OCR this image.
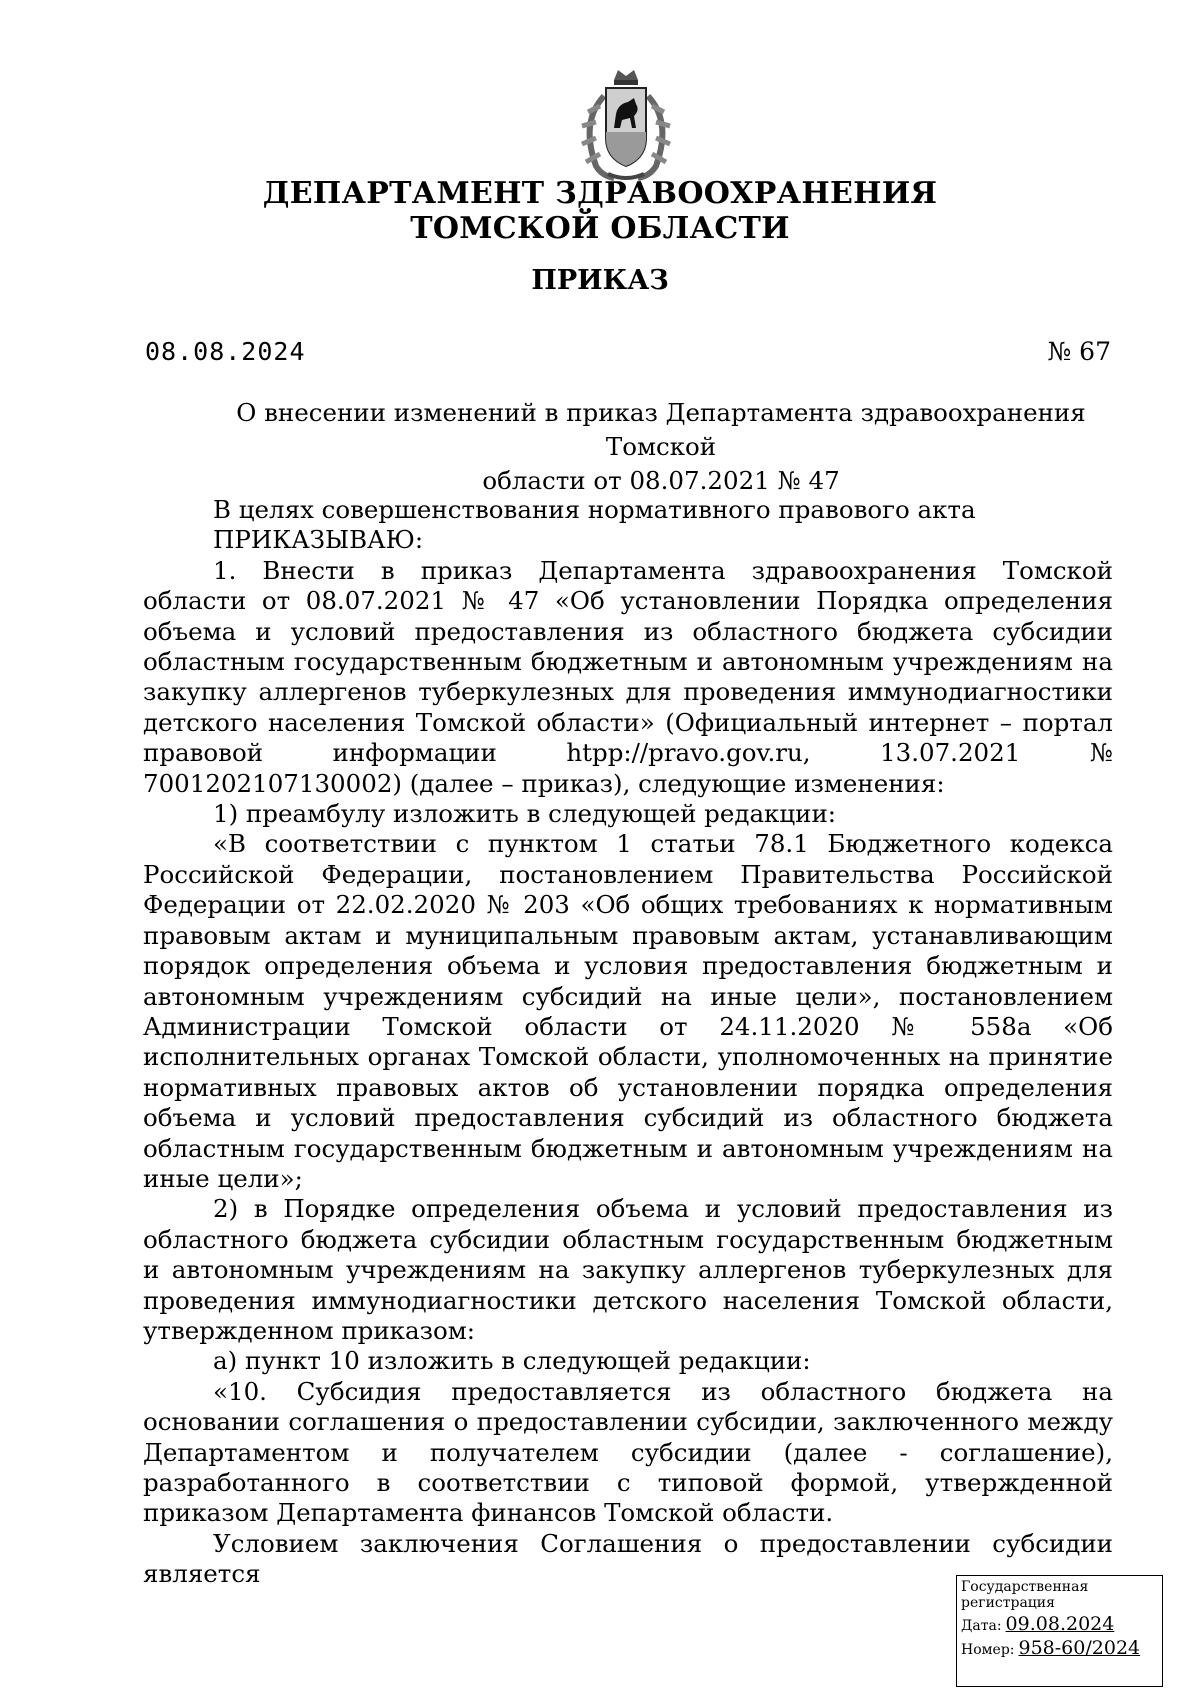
ДЕПАРТАМЕНТ ЗДРАВООХРАНЕНИЯ
ТОМСКОЙ ОБЛАСТИ
ПРИКАЗ
08.08.2024	№ 67
О внесении изменений в приказ Департамента здравоохранения Томской
области от 08.07.2021 № 47

В целях совершенствования нормативного правового акта

ПРИКАЗЫВАЮ:

1. Внести в приказ Департамента здравоохранения Томской области от 08.07.2021 № 47 «Об установлении Порядка определения объема и условий предоставления из областного бюджета субсидии областным государственным бюджетным и автономным учреждениям на закупку аллергенов туберкулезных для проведения иммунодиагностики детского населения Томской области» (Официальный интернет – портал правовой информации htpp://pravo.gov.ru, 13.07.2021 № 7001202107130002) (далее – приказ), следующие изменения:

1) преамбулу изложить в следующей редакции:

«В соответствии с пунктом 1 статьи 78.1 Бюджетного кодекса Российской Федерации, постановлением Правительства Российской Федерации от 22.02.2020 № 203 «Об общих требованиях к нормативным правовым актам и муниципальным правовым актам, устанавливающим порядок определения объема и условия предоставления бюджетным и автономным учреждениям субсидий на иные цели», постановлением Администрации Томской области от 24.11.2020 № 558а «Об исполнительных органах Томской области, уполномоченных на принятие нормативных правовых актов об установлении порядка определения объема и условий предоставления субсидий из областного бюджета областным государственным бюджетным и автономным учреждениям на иные цели»;

2) в Порядке определения объема и условий предоставления из областного бюджета субсидии областным государственным бюджетным и автономным учреждениям на закупку аллергенов туберкулезных для проведения иммунодиагностики детского населения Томской области, утвержденном приказом:

а) пункт 10 изложить в следующей редакции:

«10. Субсидия предоставляется из областного бюджета на основании соглашения о предоставлении субсидии, заключенного между Департаментом и получателем субсидии (далее - соглашение), разработанного в соответствии с типовой формой, утвержденной приказом Департамента финансов Томской области.

Условием заключения Соглашения о предоставлении субсидии является	Государственная регистрация
Дата: 09.08.2024
Номер: 958-60/2024
